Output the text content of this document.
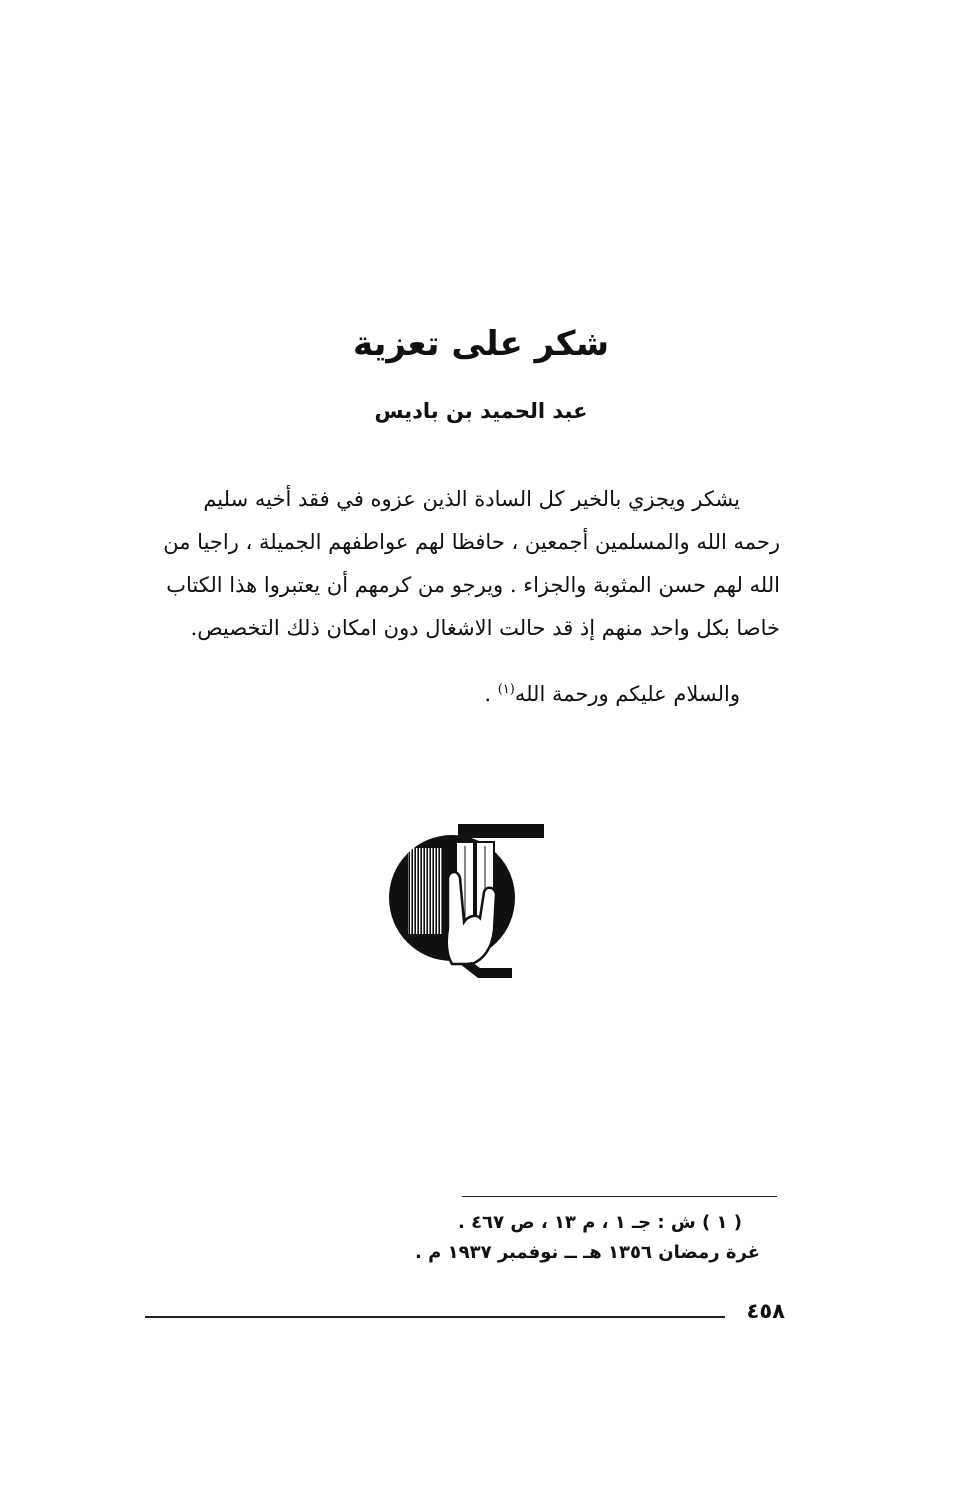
شكر على تعزية
عبد الحميد بن باديس
يشكر ويجزي بالخير كل السادة الذين عزوه في فقد أخيه سليم
رحمه الله والمسلمين أجمعين ، حافظا لهم عواطفهم الجميلة ، راجيا من
الله لهم حسن المثوبة والجزاء . ويرجو من كرمهم أن يعتبروا هذا الكتاب
خاصا بكل واحد منهم إذ قد حالت الاشغال دون امكان ذلك التخصيص.
والسلام عليكم ورحمة الله$^{(١)}$ .
( ١ ) ش : جـ ١ ، م ١٣ ، ص ٤٦٧ .
غرة رمضان ١٣٥٦ هـ ــ نوفمبر ١٩٣٧ م .
٤٥٨
